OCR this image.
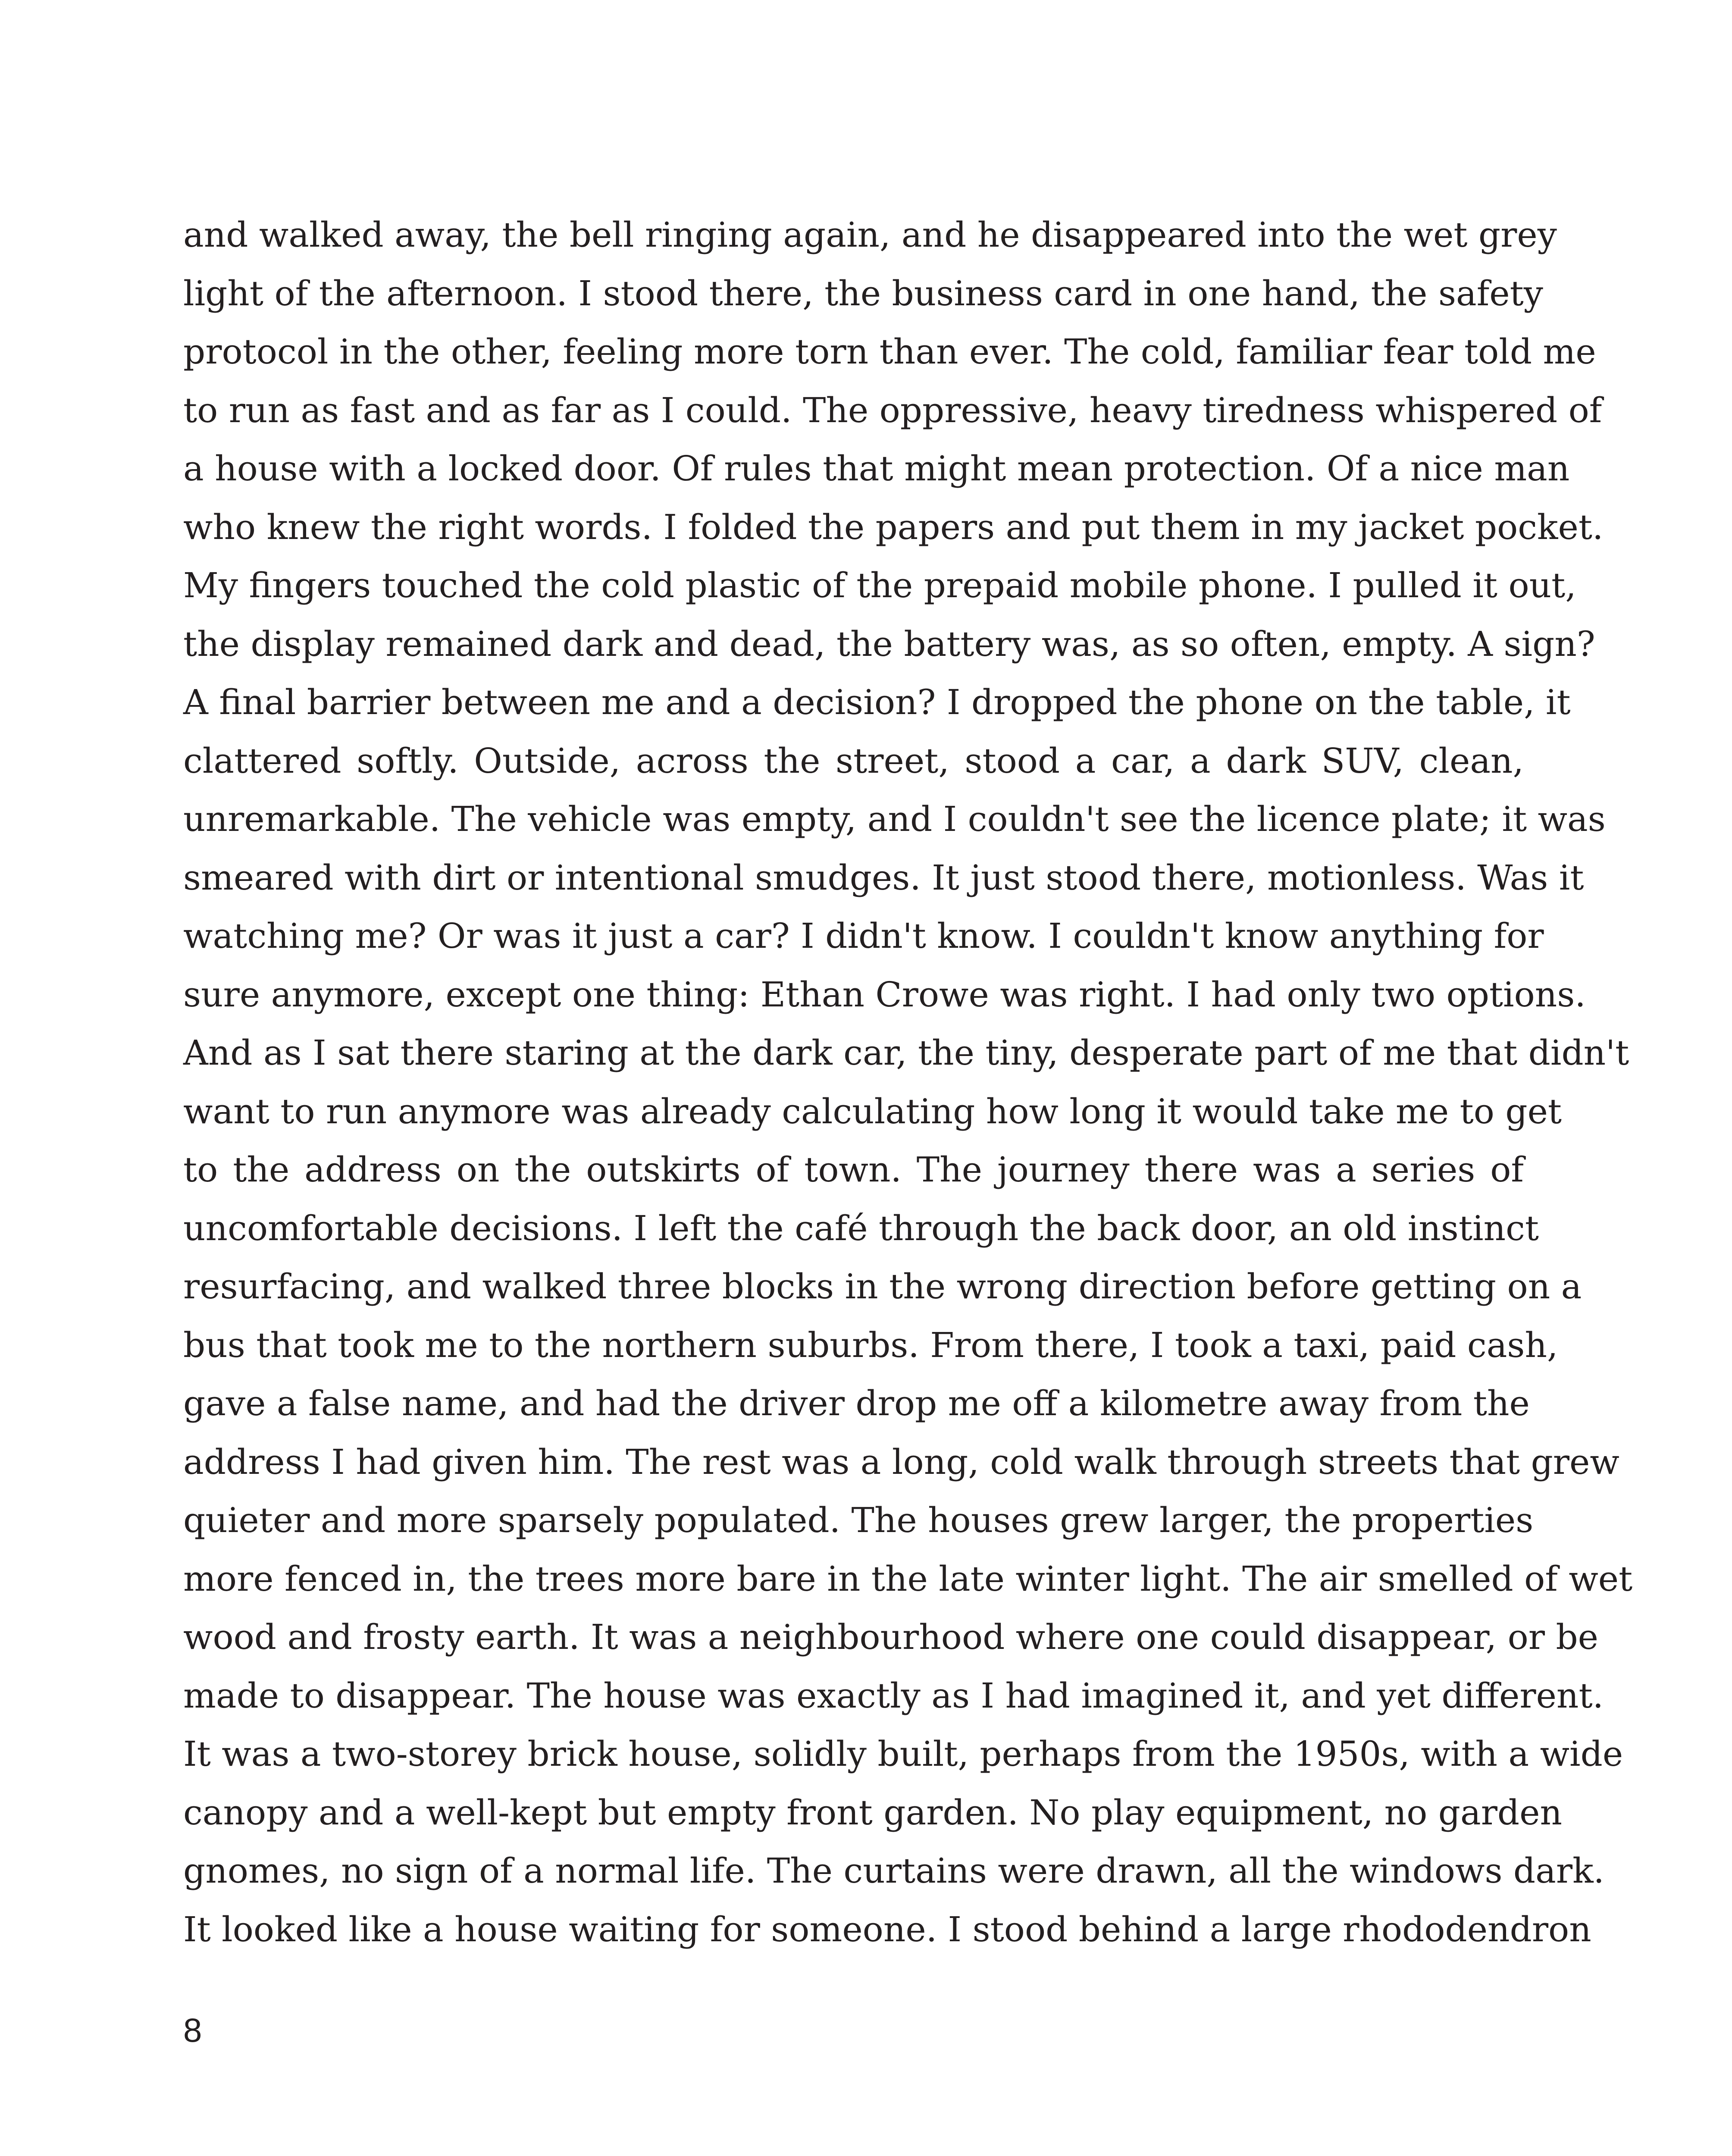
and walked away, the bell ringing again, and he disappeared into the wet grey
light of the afternoon. I stood there, the business card in one hand, the safety
protocol in the other, feeling more torn than ever. The cold, familiar fear told me
to run as fast and as far as I could. The oppressive, heavy tiredness whispered of
a house with a locked door. Of rules that might mean protection. Of a nice man
who knew the right words. I folded the papers and put them in my jacket pocket.
My fingers touched the cold plastic of the prepaid mobile phone. I pulled it out,
the display remained dark and dead, the battery was, as so often, empty. A sign?
A final barrier between me and a decision? I dropped the phone on the table, it
clattered softly. Outside, across the street, stood a car, a dark SUV, clean,
unremarkable. The vehicle was empty, and I couldn't see the licence plate; it was
smeared with dirt or intentional smudges. It just stood there, motionless. Was it
watching me? Or was it just a car? I didn't know. I couldn't know anything for
sure anymore, except one thing: Ethan Crowe was right. I had only two options.
And as I sat there staring at the dark car, the tiny, desperate part of me that didn't
want to run anymore was already calculating how long it would take me to get
to the address on the outskirts of town. The journey there was a series of
uncomfortable decisions. I left the café through the back door, an old instinct
resurfacing, and walked three blocks in the wrong direction before getting on a
bus that took me to the northern suburbs. From there, I took a taxi, paid cash,
gave a false name, and had the driver drop me off a kilometre away from the
address I had given him. The rest was a long, cold walk through streets that grew
quieter and more sparsely populated. The houses grew larger, the properties
more fenced in, the trees more bare in the late winter light. The air smelled of wet
wood and frosty earth. It was a neighbourhood where one could disappear, or be
made to disappear. The house was exactly as I had imagined it, and yet different.
It was a two-storey brick house, solidly built, perhaps from the 1950s, with a wide
canopy and a well-kept but empty front garden. No play equipment, no garden
gnomes, no sign of a normal life. The curtains were drawn, all the windows dark.
It looked like a house waiting for someone. I stood behind a large rhododendron
8
